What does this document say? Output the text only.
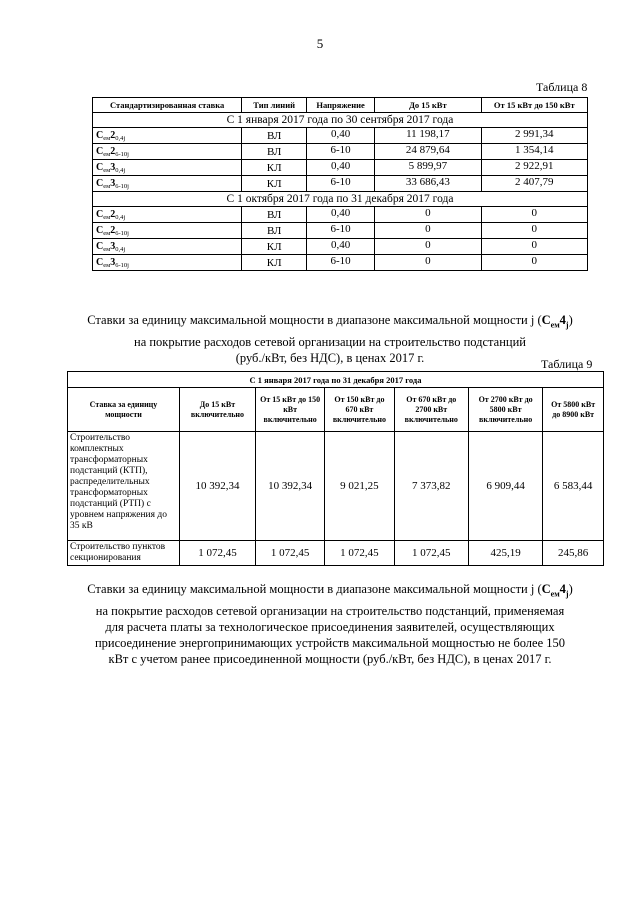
5
Таблица 8
Стандартизированная ставка	Тип линий	Напряжение	До 15 кВт	От 15 кВт до 150 кВт
С 1 января 2017 года по 30 сентября 2017 года				
$С_{ем}2_{0,4j}$	ВЛ	0,40	11 198,17	2 991,34
$С_{ем}2_{6-10j}$	ВЛ	6-10	24 879,64	1 354,14
$С_{ем}3_{0,4j}$	КЛ	0,40	5 899,97	2 922,91
$С_{ем}3_{6-10j}$	КЛ	6-10	33 686,43	2 407,79
С 1 октября 2017 года по 31 декабря 2017 года				
$С_{ем}2_{0,4j}$	ВЛ	0,40	0	0
$С_{ем}2_{6-10j}$	ВЛ	6-10	0	0
$С_{ем}3_{0,4j}$	КЛ	0,40	0	0
$С_{ем}3_{6-10j}$	КЛ	6-10	0	0
Ставки за единицу максимальной мощности в диапазоне максимальной мощности j $(С_{ем}4_j)$
на покрытие расходов сетевой организации на строительство подстанций
(руб./кВт, без НДС), в ценах 2017 г.	Таблица 9
С 1 января 2017 года по 31 декабря 2017 года						
Ставка за единицу мощности	До 15 кВт включительно	От 15 кВт до 150 кВт включительно	От 150 кВт до 670 кВт включительно	От 670 кВт до 2700 кВт включительно	От 2700 кВт до 5800 кВт включительно	От 5800 кВт до 8900 кВт
Строительство комплектных трансформаторных подстанций (КТП), распределительных трансформаторных подстанций (РТП) с уровнем напряжения до 35 кВ	10 392,34	10 392,34	9 021,25	7 373,82	6 909,44	6 583,44
Строительство пунктов секционирования	1 072,45	1 072,45	1 072,45	1 072,45	425,19	245,86
Ставки за единицу максимальной мощности в диапазоне максимальной мощности j $(С_{ем}4_j)$
на покрытие расходов сетевой организации на строительство подстанций, применяемая
для расчета платы за технологическое присоединения заявителей, осуществляющих
присоединение энергопринимающих устройств максимальной мощностью не более 150
кВт с учетом ранее присоединенной мощности (руб./кВт, без НДС), в ценах 2017 г.
